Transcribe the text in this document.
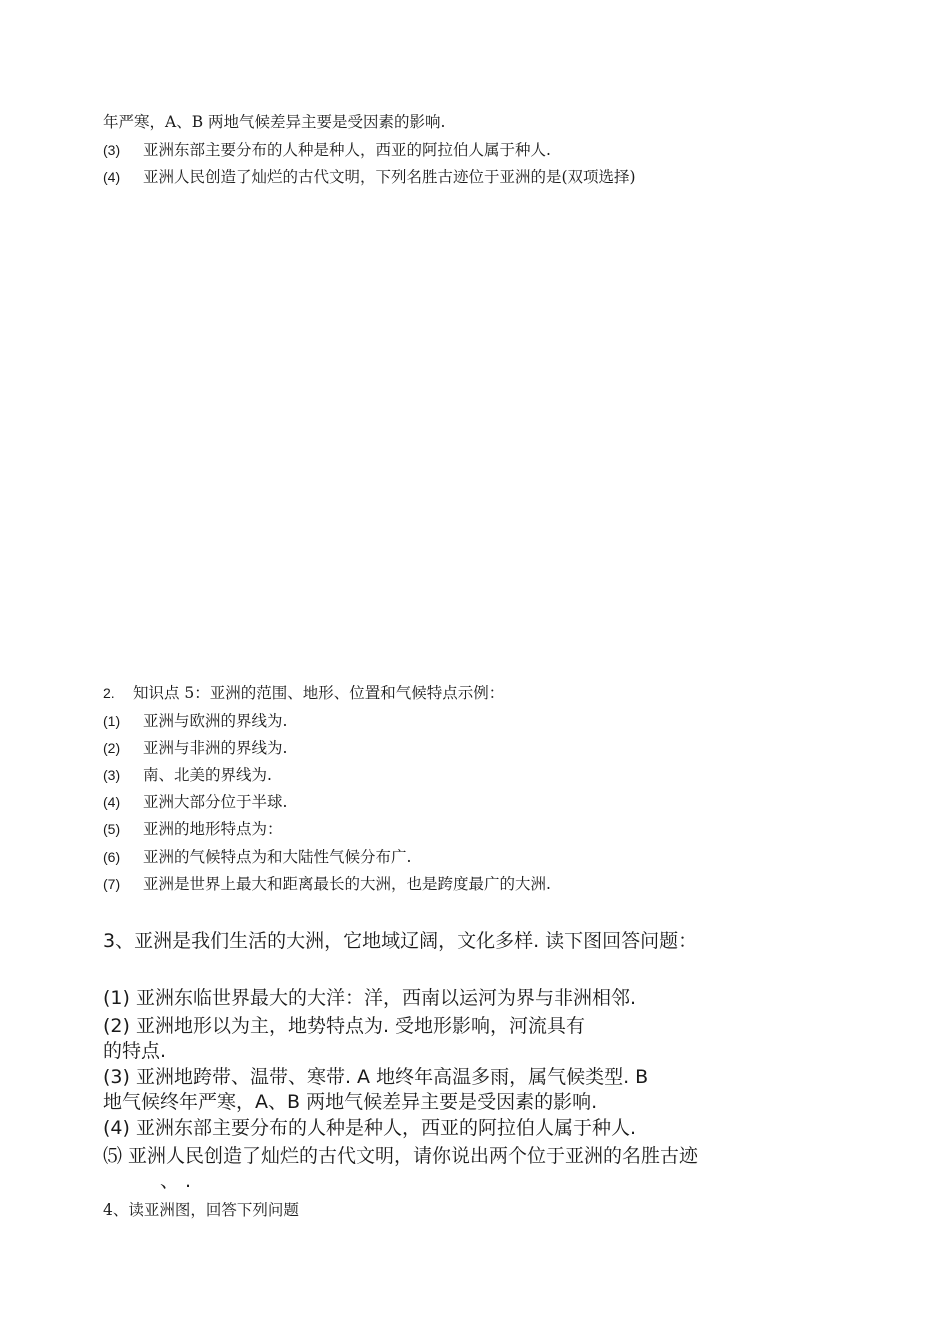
年严寒，A、B 两地气候差异主要是受因素的影响.
(3) 亚洲东部主要分布的人种是种人，西亚的阿拉伯人属于种人.
(4) 亚洲人民创造了灿烂的古代文明，下列名胜古迹位于亚洲的是(双项选择)
2. 知识点 5：亚洲的范围、地形、位置和气候特点示例：
(1) 亚洲与欧洲的界线为.
(2) 亚洲与非洲的界线为.
(3) 南、北美的界线为.
(4) 亚洲大部分位于半球.
(5) 亚洲的地形特点为：
(6) 亚洲的气候特点为和大陆性气候分布广.
(7) 亚洲是世界上最大和距离最长的大洲，也是跨度最广的大洲.
3、亚洲是我们生活的大洲，它地域辽阔，文化多样. 读下图回答问题：
(1) 亚洲东临世界最大的大洋：洋，西南以运河为界与非洲相邻.
(2) 亚洲地形以为主，地势特点为. 受地形影响，河流具有
的特点.
(3) 亚洲地跨带、温带、寒带. A 地终年高温多雨，属气候类型. B
地气候终年严寒，A、B 两地气候差异主要是受因素的影响.
(4) 亚洲东部主要分布的人种是种人，西亚的阿拉伯人属于种人.
⑸ 亚洲人民创造了灿烂的古代文明，请你说出两个位于亚洲的名胜古迹
、 .
4、读亚洲图，回答下列问题
